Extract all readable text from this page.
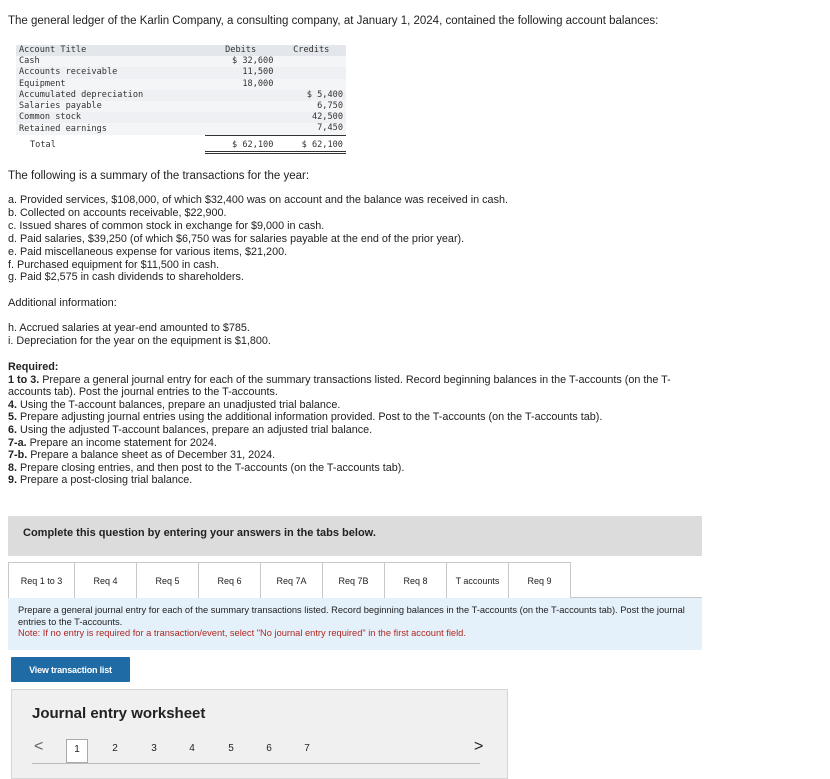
The general ledger of the Karlin Company, a consulting company, at January 1, 2024, contained the following account balances:
Account Title	Debits	Credits
Cash	$ 32,600	
Accounts receivable	11,500	
Equipment	18,000	
Accumulated depreciation		$ 5,400
Salaries payable		6,750
Common stock		42,500
Retained earnings		7,450
Total	$ 62,100	$ 62,100
The following is a summary of the transactions for the year:
a. Provided services, $108,000, of which $32,400 was on account and the balance was received in cash.
b. Collected on accounts receivable, $22,900.
c. Issued shares of common stock in exchange for $9,000 in cash.
d. Paid salaries, $39,250 (of which $6,750 was for salaries payable at the end of the prior year).
e. Paid miscellaneous expense for various items, $21,200.
f. Purchased equipment for $11,500 in cash.
g. Paid $2,575 in cash dividends to shareholders.
Additional information:
h. Accrued salaries at year-end amounted to $785.
i. Depreciation for the year on the equipment is $1,800.
Required:
1 to 3. Prepare a general journal entry for each of the summary transactions listed. Record beginning balances in the T-accounts (on the T-accounts tab). Post the journal entries to the T-accounts.
4. Using the T-account balances, prepare an unadjusted trial balance.
5. Prepare adjusting journal entries using the additional information provided. Post to the T-accounts (on the T-accounts tab).
6. Using the adjusted T-account balances, prepare an adjusted trial balance.
7-a. Prepare an income statement for 2024.
7-b. Prepare a balance sheet as of December 31, 2024.
8. Prepare closing entries, and then post to the T-accounts (on the T-accounts tab).
9. Prepare a post-closing trial balance.
Complete this question by entering your answers in the tabs below.
Req 1 to 3	Req 4	Req 5	Req 6	Req 7A	Req 7B	Req 8	T accounts	Req 9
Prepare a general journal entry for each of the summary transactions listed. Record beginning balances in the T-accounts (on the T-accounts tab). Post the journal entries to the T-accounts.
Note: If no entry is required for a transaction/event, select "No journal entry required" in the first account field.
View transaction list
Journal entry worksheet
<	1	2	3	4	5	6	7	>
